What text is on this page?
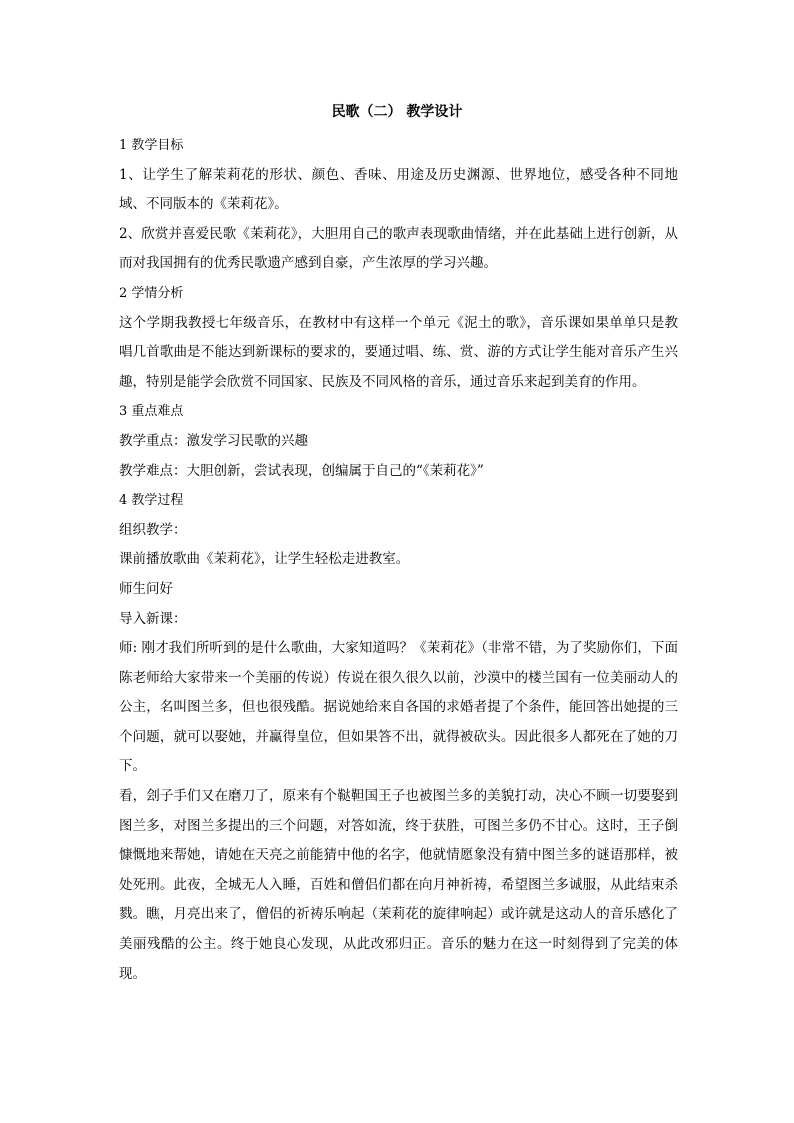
民歌（二） 教学设计

1 教学目标

1、让学生了解茉莉花的形状、颜色、香味、用途及历史渊源、世界地位，感受各种不同地域、不同版本的《茉莉花》。

2、欣赏并喜爱民歌《茉莉花》，大胆用自己的歌声表现歌曲情绪，并在此基础上进行创新，从而对我国拥有的优秀民歌遗产感到自豪，产生浓厚的学习兴趣。

2 学情分析

这个学期我教授七年级音乐，在教材中有这样一个单元《泥土的歌》，音乐课如果单单只是教唱几首歌曲是不能达到新课标的要求的，要通过唱、练、赏、游的方式让学生能对音乐产生兴趣，特别是能学会欣赏不同国家、民族及不同风格的音乐，通过音乐来起到美育的作用。

3 重点难点

教学重点：激发学习民歌的兴趣

教学难点：大胆创新，尝试表现，创编属于自己的“《茉莉花》”

4 教学过程

组织教学：

课前播放歌曲《茉莉花》，让学生轻松走进教室。

师生问好

导入新课：

师: 刚才我们所听到的是什么歌曲，大家知道吗？《茉莉花》（非常不错，为了奖励你们，下面陈老师给大家带来一个美丽的传说）传说在很久很久以前，沙漠中的楼兰国有一位美丽动人的公主，名叫图兰多，但也很残酷。据说她给来自各国的求婚者提了个条件，能回答出她提的三个问题，就可以娶她，并赢得皇位，但如果答不出，就得被砍头。因此很多人都死在了她的刀下。

看，刽子手们又在磨刀了，原来有个鞑靼国王子也被图兰多的美貌打动，决心不顾一切要娶到图兰多，对图兰多提出的三个问题，对答如流，终于获胜，可图兰多仍不甘心。这时，王子倒慷慨地来帮她，请她在天亮之前能猜中他的名字，他就情愿象没有猜中图兰多的谜语那样，被处死刑。此夜，全城无人入睡，百姓和僧侣们都在向月神祈祷，希望图兰多诚服，从此结束杀戮。瞧，月亮出来了，僧侣的祈祷乐响起（茉莉花的旋律响起）或许就是这动人的音乐感化了美丽残酷的公主。终于她良心发现，从此改邪归正。音乐的魅力在这一时刻得到了完美的体现。
